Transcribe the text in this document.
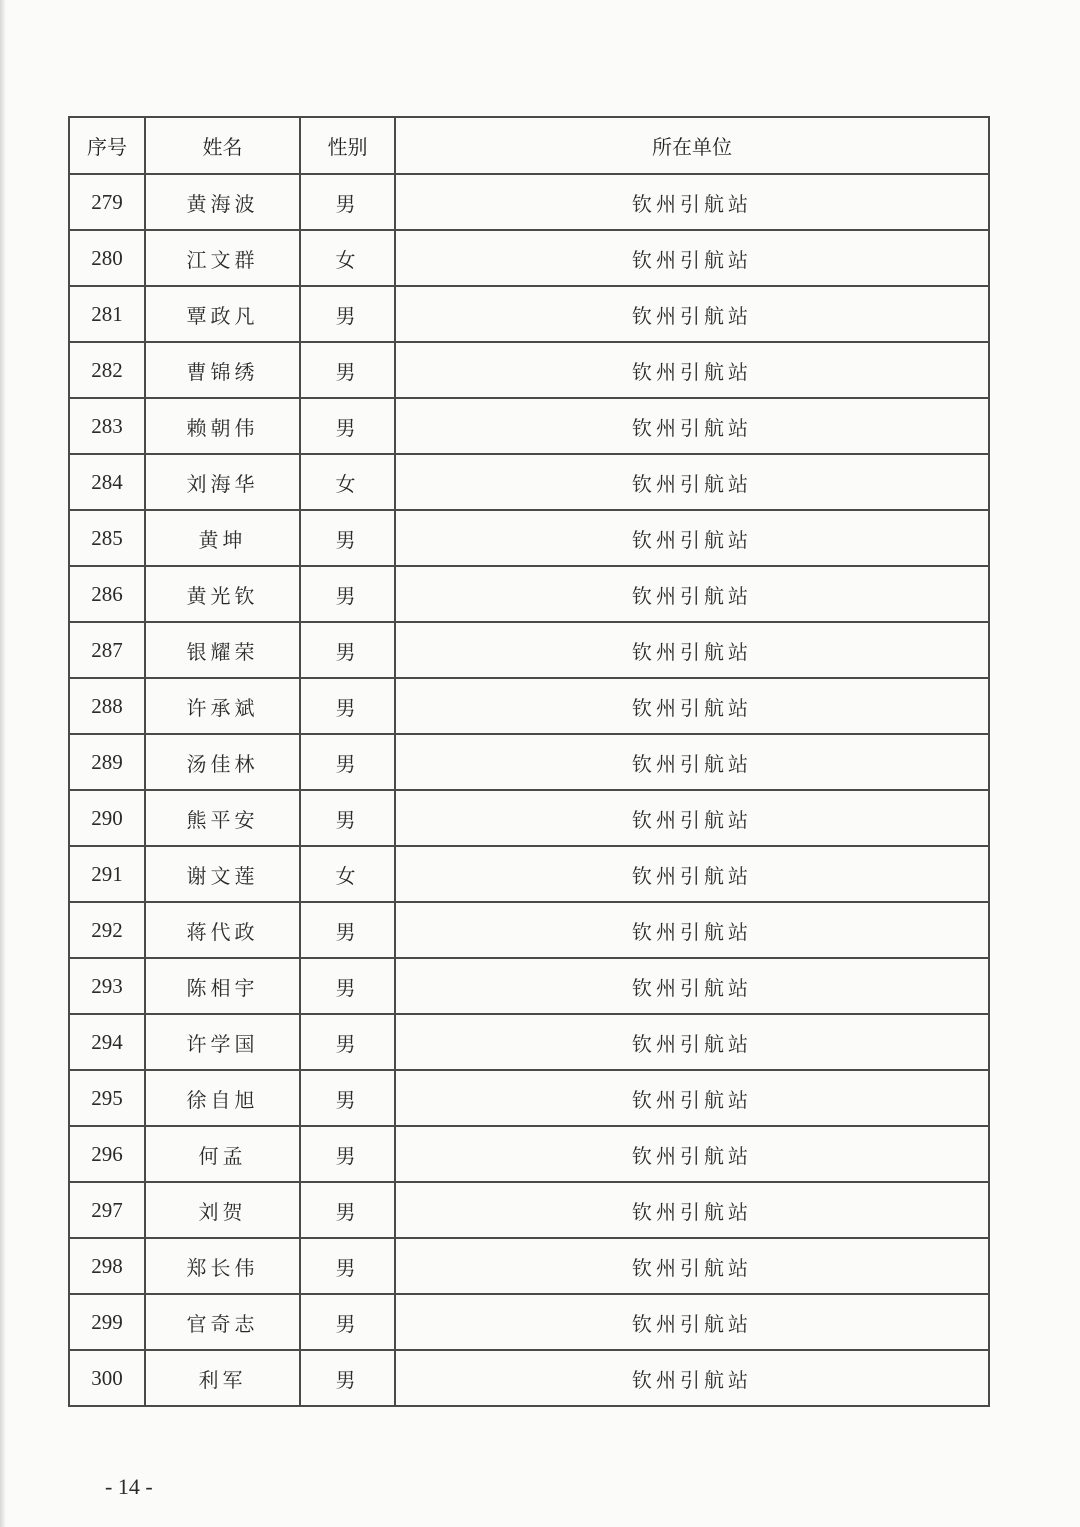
序号	姓名	性别	所在单位
279	黄海波	男	钦州引航站
280	江文群	女	钦州引航站
281	覃政凡	男	钦州引航站
282	曹锦绣	男	钦州引航站
283	赖朝伟	男	钦州引航站
284	刘海华	女	钦州引航站
285	黄坤	男	钦州引航站
286	黄光钦	男	钦州引航站
287	银耀荣	男	钦州引航站
288	许承斌	男	钦州引航站
289	汤佳林	男	钦州引航站
290	熊平安	男	钦州引航站
291	谢文莲	女	钦州引航站
292	蒋代政	男	钦州引航站
293	陈相宇	男	钦州引航站
294	许学国	男	钦州引航站
295	徐自旭	男	钦州引航站
296	何孟	男	钦州引航站
297	刘贺	男	钦州引航站
298	郑长伟	男	钦州引航站
299	官奇志	男	钦州引航站
300	利军	男	钦州引航站
- 14 -
